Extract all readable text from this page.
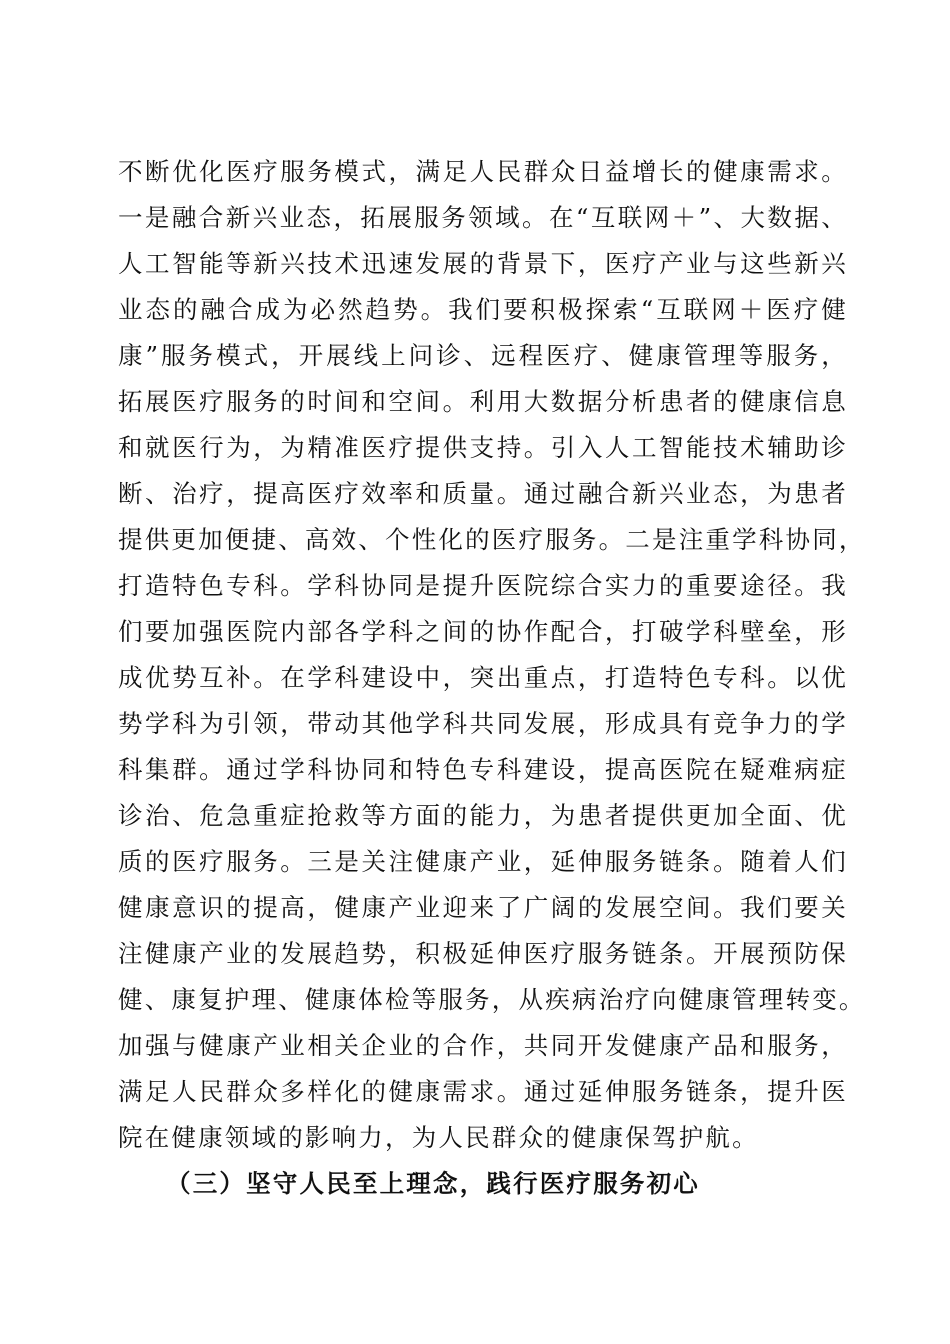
不断优化医疗服务模式，满足人民群众日益增长的健康需求。
一是融合新兴业态，拓展服务领域。在“互联网＋”、大数据、
人工智能等新兴技术迅速发展的背景下，医疗产业与这些新兴
业态的融合成为必然趋势。我们要积极探索“互联网＋医疗健
康”服务模式，开展线上问诊、远程医疗、健康管理等服务，
拓展医疗服务的时间和空间。利用大数据分析患者的健康信息
和就医行为，为精准医疗提供支持。引入人工智能技术辅助诊
断、治疗，提高医疗效率和质量。通过融合新兴业态，为患者
提供更加便捷、高效、个性化的医疗服务。二是注重学科协同，
打造特色专科。学科协同是提升医院综合实力的重要途径。我
们要加强医院内部各学科之间的协作配合，打破学科壁垒，形
成优势互补。在学科建设中，突出重点，打造特色专科。以优
势学科为引领，带动其他学科共同发展，形成具有竞争力的学
科集群。通过学科协同和特色专科建设，提高医院在疑难病症
诊治、危急重症抢救等方面的能力，为患者提供更加全面、优
质的医疗服务。三是关注健康产业，延伸服务链条。随着人们
健康意识的提高，健康产业迎来了广阔的发展空间。我们要关
注健康产业的发展趋势，积极延伸医疗服务链条。开展预防保
健、康复护理、健康体检等服务，从疾病治疗向健康管理转变。
加强与健康产业相关企业的合作，共同开发健康产品和服务，
满足人民群众多样化的健康需求。通过延伸服务链条，提升医
院在健康领域的影响力，为人民群众的健康保驾护航。
（三）坚守人民至上理念，践行医疗服务初心
